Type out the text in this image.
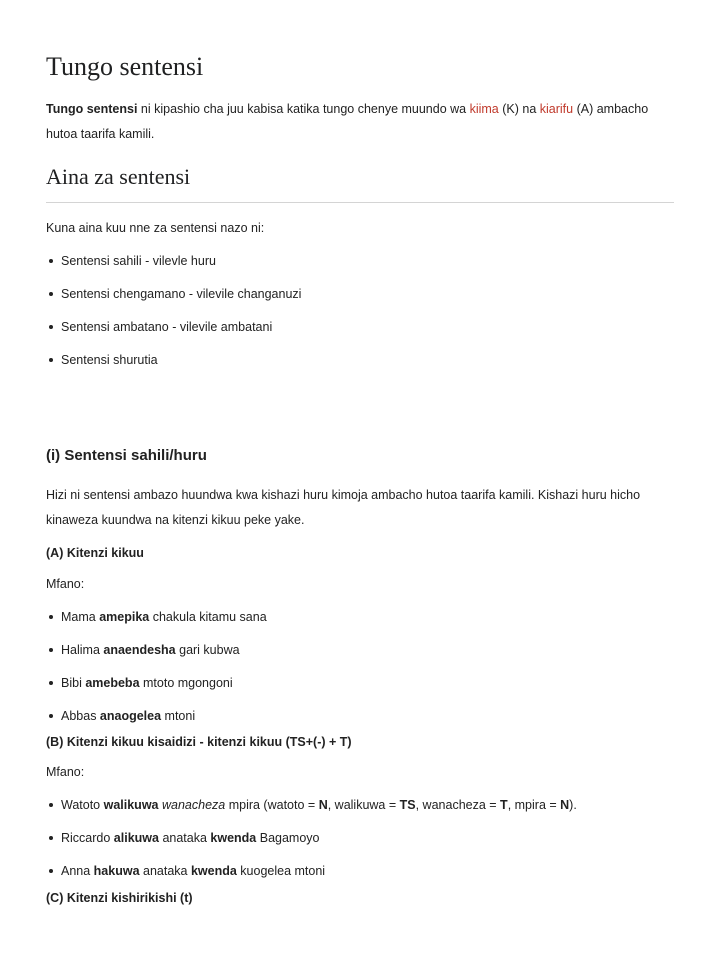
Tungo sentensi

Tungo sentensi ni kipashio cha juu kabisa katika tungo chenye muundo wa kiima (K) na kiarifu (A) ambacho hutoa taarifa kamili.

Aina za sentensi

Kuna aina kuu nne za sentensi nazo ni:

Sentensi sahili - vilevle huru
Sentensi chengamano - vilevile changanuzi
Sentensi ambatano - vilevile ambatani
Sentensi shurutia

(i) Sentensi sahili/huru

Hizi ni sentensi ambazo huundwa kwa kishazi huru kimoja ambacho hutoa taarifa kamili. Kishazi huru hicho kinaweza kuundwa na kitenzi kikuu peke yake.

(A) Kitenzi kikuu

Mfano:

Mama amepika chakula kitamu sana
Halima anaendesha gari kubwa
Bibi amebeba mtoto mgongoni
Abbas anaogelea mtoni

(B) Kitenzi kikuu kisaidizi - kitenzi kikuu (TS+(-) + T)

Mfano:

Watoto walikuwa wanacheza mpira (watoto = N, walikuwa = TS, wanacheza = T, mpira = N).
Riccardo alikuwa anataka kwenda Bagamoyo
Anna hakuwa anataka kwenda kuogelea mtoni

(C) Kitenzi kishirikishi (t)
